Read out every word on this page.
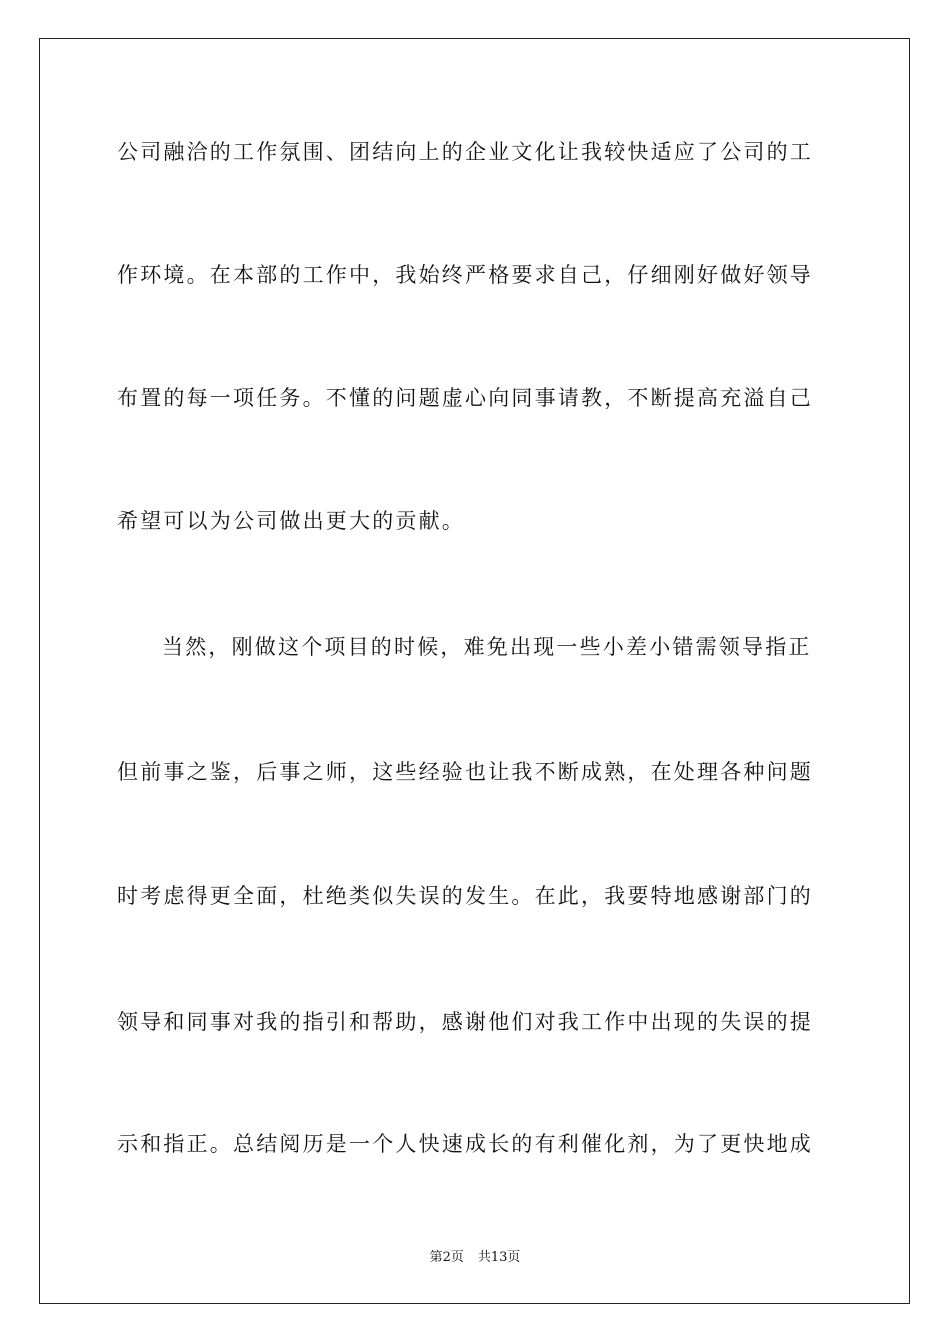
公司融洽的工作氛围、团结向上的企业文化让我较快适应了公司的工
作环境。在本部的工作中，我始终严格要求自己，仔细刚好做好领导
布置的每一项任务。不懂的问题虚心向同事请教，不断提高充溢自己
希望可以为公司做出更大的贡献。
当然，刚做这个项目的时候，难免出现一些小差小错需领导指正
但前事之鉴，后事之师，这些经验也让我不断成熟，在处理各种问题
时考虑得更全面，杜绝类似失误的发生。在此，我要特地感谢部门的
领导和同事对我的指引和帮助，感谢他们对我工作中出现的失误的提
示和指正。总结阅历是一个人快速成长的有利催化剂，为了更快地成
第2页 共13页
